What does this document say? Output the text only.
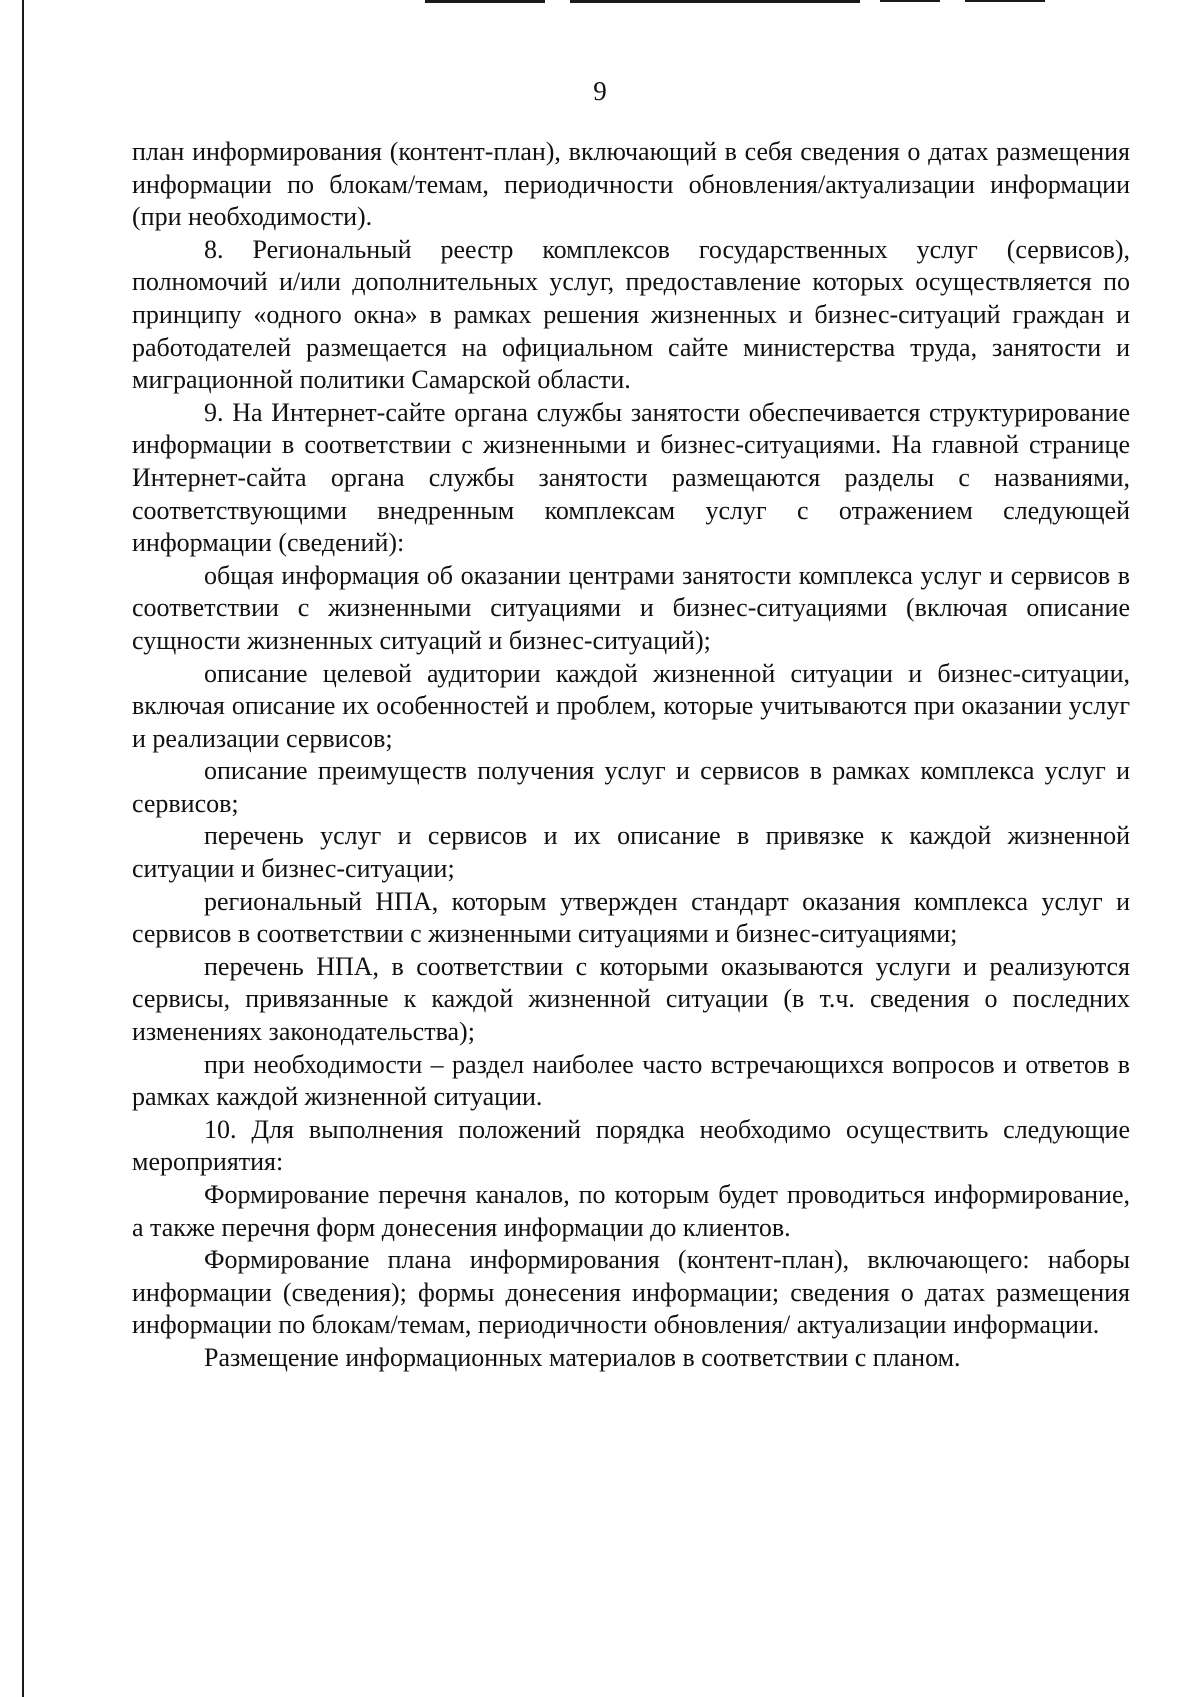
9

план информирования (контент-план), включающий в себя сведения о датах размещения информации по блокам/темам, периодичности обновления/актуализации информации (при необходимости).

8. Региональный реестр комплексов государственных услуг (сервисов), полномочий и/или дополнительных услуг, предоставление которых осуществляется по принципу «одного окна» в рамках решения жизненных и бизнес-ситуаций граждан и работодателей размещается на официальном сайте министерства труда, занятости и миграционной политики Самарской области.

9. На Интернет-сайте органа службы занятости обеспечивается структурирование информации в соответствии с жизненными и бизнес-ситуациями. На главной странице Интернет-сайта органа службы занятости размещаются разделы с названиями, соответствующими внедренным комплексам услуг с отражением следующей информации (сведений):

общая информация об оказании центрами занятости комплекса услуг и сервисов в соответствии с жизненными ситуациями и бизнес-ситуациями (включая описание сущности жизненных ситуаций и бизнес-ситуаций);

описание целевой аудитории каждой жизненной ситуации и бизнес-ситуации, включая описание их особенностей и проблем, которые учитываются при оказании услуг и реализации сервисов;

описание преимуществ получения услуг и сервисов в рамках комплекса услуг и сервисов;

перечень услуг и сервисов и их описание в привязке к каждой жизненной ситуации и бизнес-ситуации;

региональный НПА, которым утвержден стандарт оказания комплекса услуг и сервисов в соответствии с жизненными ситуациями и бизнес-ситуациями;

перечень НПА, в соответствии с которыми оказываются услуги и реализуются сервисы, привязанные к каждой жизненной ситуации (в т.ч. сведения о последних изменениях законодательства);

при необходимости – раздел наиболее часто встречающихся вопросов и ответов в рамках каждой жизненной ситуации.

10. Для выполнения положений порядка необходимо осуществить следующие мероприятия:

Формирование перечня каналов, по которым будет проводиться информирование, а также перечня форм донесения информации до клиентов.

Формирование плана информирования (контент-план), включающего: наборы информации (сведения); формы донесения информации; сведения о датах размещения информации по блокам/темам, периодичности обновления/ актуализации информации.

Размещение информационных материалов в соответствии с планом.
